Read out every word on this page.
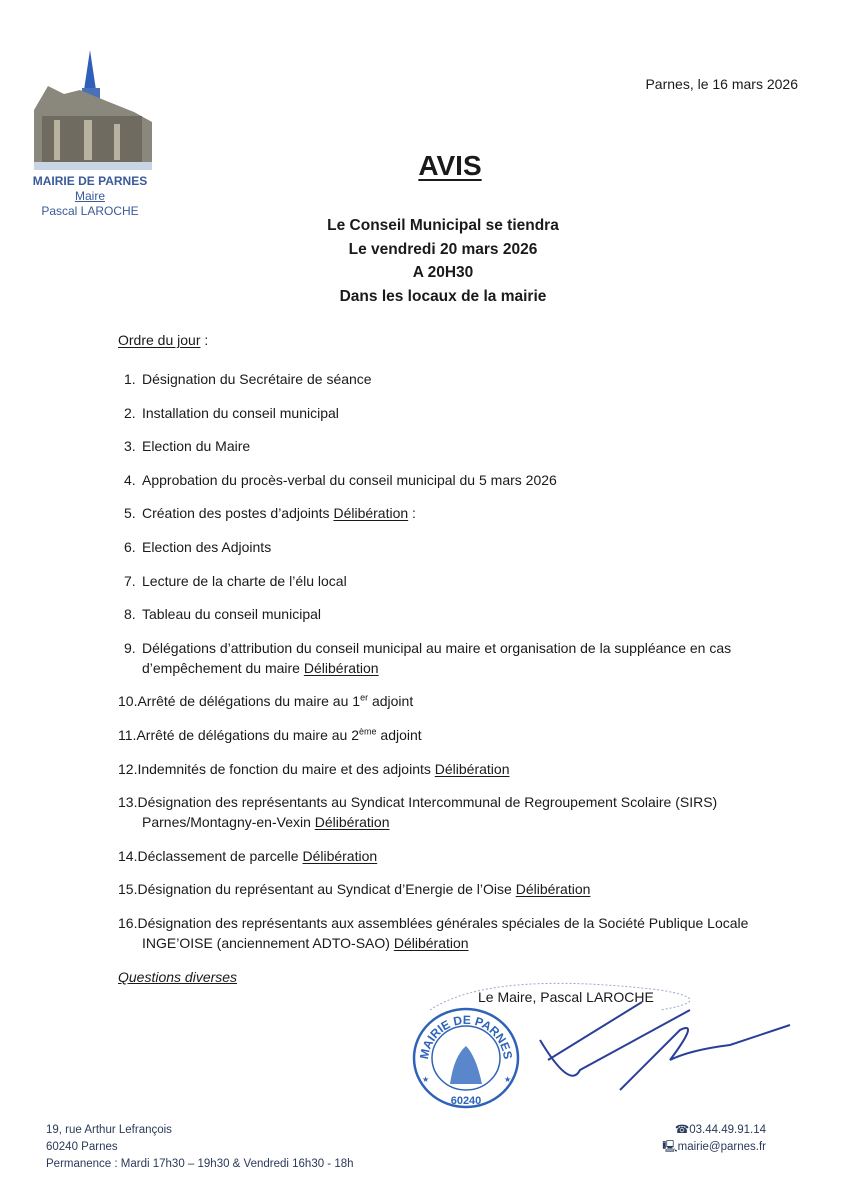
MAIRIE DE PARNES
Maire
Pascal LAROCHE
Parnes, le 16 mars 2026
AVIS
Le Conseil Municipal se tiendra
Le vendredi 20 mars 2026
A 20H30
Dans les locaux de la mairie
Ordre du jour :
1. Désignation du Secrétaire de séance
2. Installation du conseil municipal
3. Election du Maire
4. Approbation du procès-verbal du conseil municipal du 5 mars 2026
5. Création des postes d’adjoints Délibération :
6. Election des Adjoints
7. Lecture de la charte de l’élu local
8. Tableau du conseil municipal
9. Délégations d’attribution du conseil municipal au maire et organisation de la suppléance en cas d’empêchement du maire Délibération
10.Arrêté de délégations du maire au 1er adjoint
11.Arrêté de délégations du maire au 2ème adjoint
12.Indemnités de fonction du maire et des adjoints Délibération
13.Désignation des représentants au Syndicat Intercommunal de Regroupement Scolaire (SIRS) Parnes/Montagny-en-Vexin Délibération
14.Déclassement de parcelle Délibération
15.Désignation du représentant au Syndicat d’Energie de l’Oise Délibération
16.Désignation des représentants aux assemblées générales spéciales de la Société Publique Locale INGE’OISE (anciennement ADTO-SAO) Délibération
Questions diverses
Le Maire, Pascal LAROCHE
MAIRIE DE PARNES
60240
★	★
19, rue Arthur Lefrançois
60240 Parnes
Permanence : Mardi 17h30 – 19h30 & Vendredi 16h30 - 18h
☎03.44.49.91.14
🖳mairie@parnes.fr
